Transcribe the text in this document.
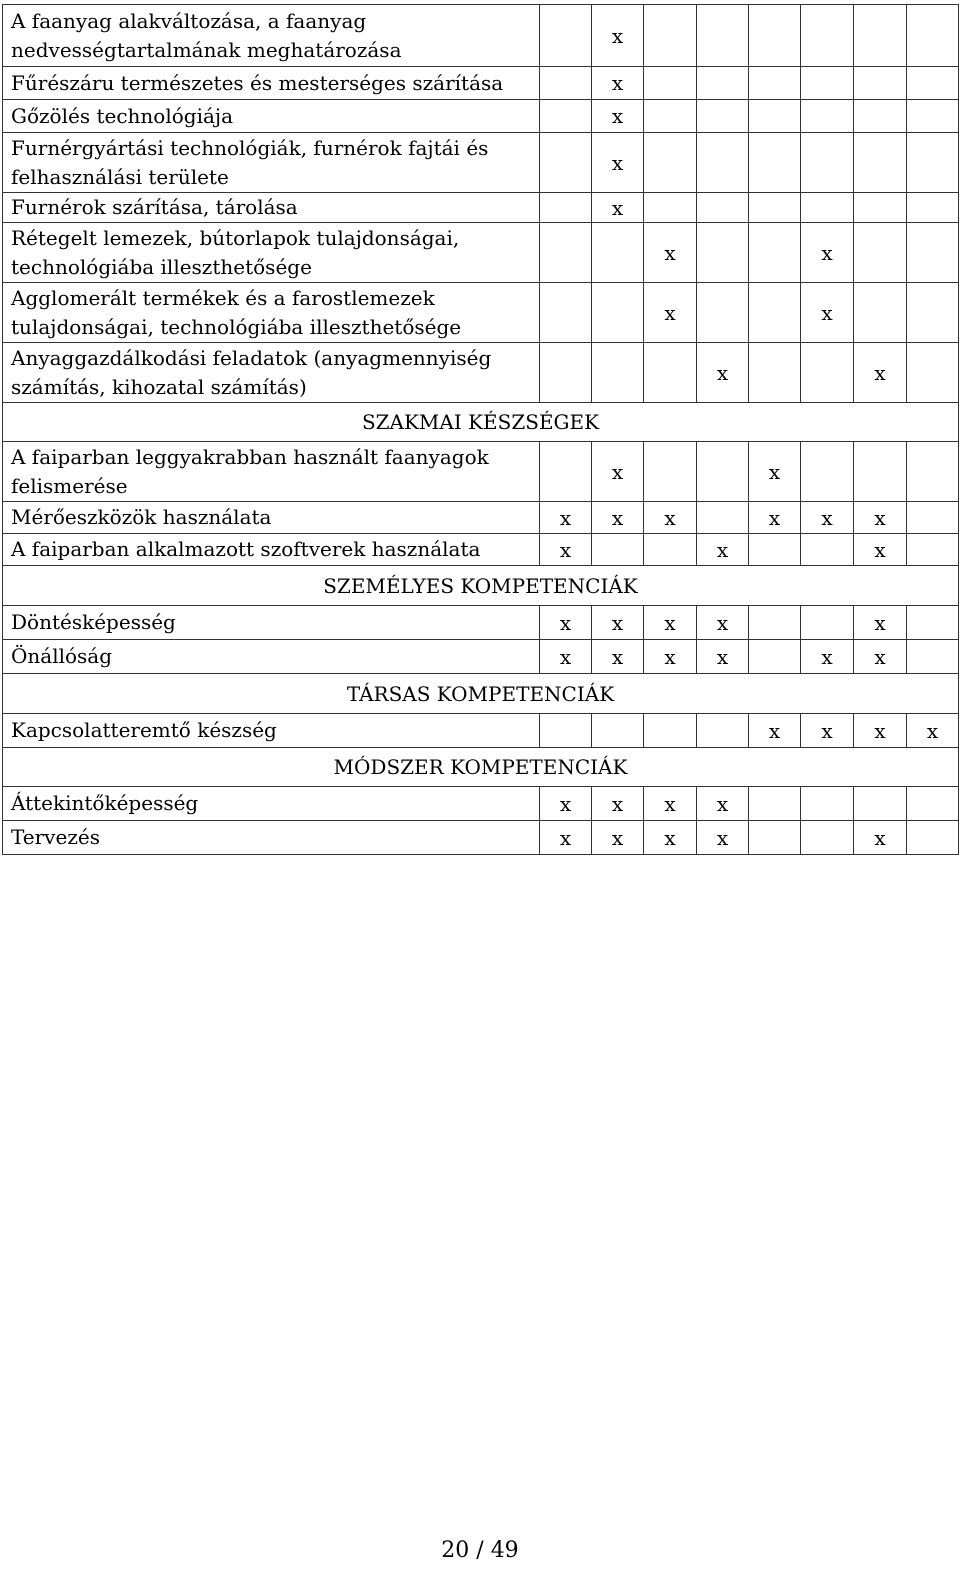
A faanyag alakváltozása, a faanyag nedvességtartalmának meghatározása		x						
Fűrészáru természetes és mesterséges szárítása		x						
Gőzölés technológiája		x						
Furnérgyártási technológiák, furnérok fajtái és felhasználási területe		x						
Furnérok szárítása, tárolása		x						
Rétegelt lemezek, bútorlapok tulajdonságai, technológiába illeszthetősége			x			x		
Agglomerált termékek és a farostlemezek tulajdonságai, technológiába illeszthetősége			x			x		
Anyaggazdálkodási feladatok (anyagmennyiség számítás, kihozatal számítás)				x			x	
SZAKMAI KÉSZSÉGEK								
A faiparban leggyakrabban használt faanyagok felismerése		x			x			
Mérőeszközök használata	x	x	x		x	x	x	
A faiparban alkalmazott szoftverek használata	x			x			x	
SZEMÉLYES KOMPETENCIÁK								
Döntésképesség	x	x	x	x			x	
Önállóság	x	x	x	x		x	x	
TÁRSAS KOMPETENCIÁK								
Kapcsolatteremtő készség					x	x	x	x
MÓDSZER KOMPETENCIÁK								
Áttekintőképesség	x	x	x	x				
Tervezés	x	x	x	x			x	
20 / 49
